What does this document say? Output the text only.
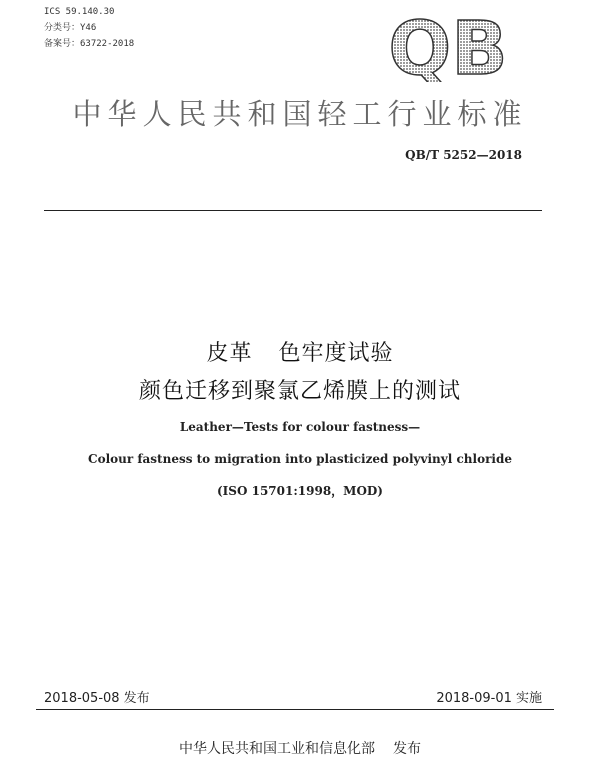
ICS 59.140.30
分类号：Y46
备案号：63722-2018	QB
中华人民共和国轻工行业标准
QB/T 5252—2018
皮革 色牢度试验
颜色迁移到聚氯乙烯膜上的测试
Leather—Tests for colour fastness—
Colour fastness to migration into plasticized polyvinyl chloride
(ISO 15701:1998，MOD)
2018-05-08 发布	2018-09-01 实施
中华人民共和国工业和信息化部 发布
